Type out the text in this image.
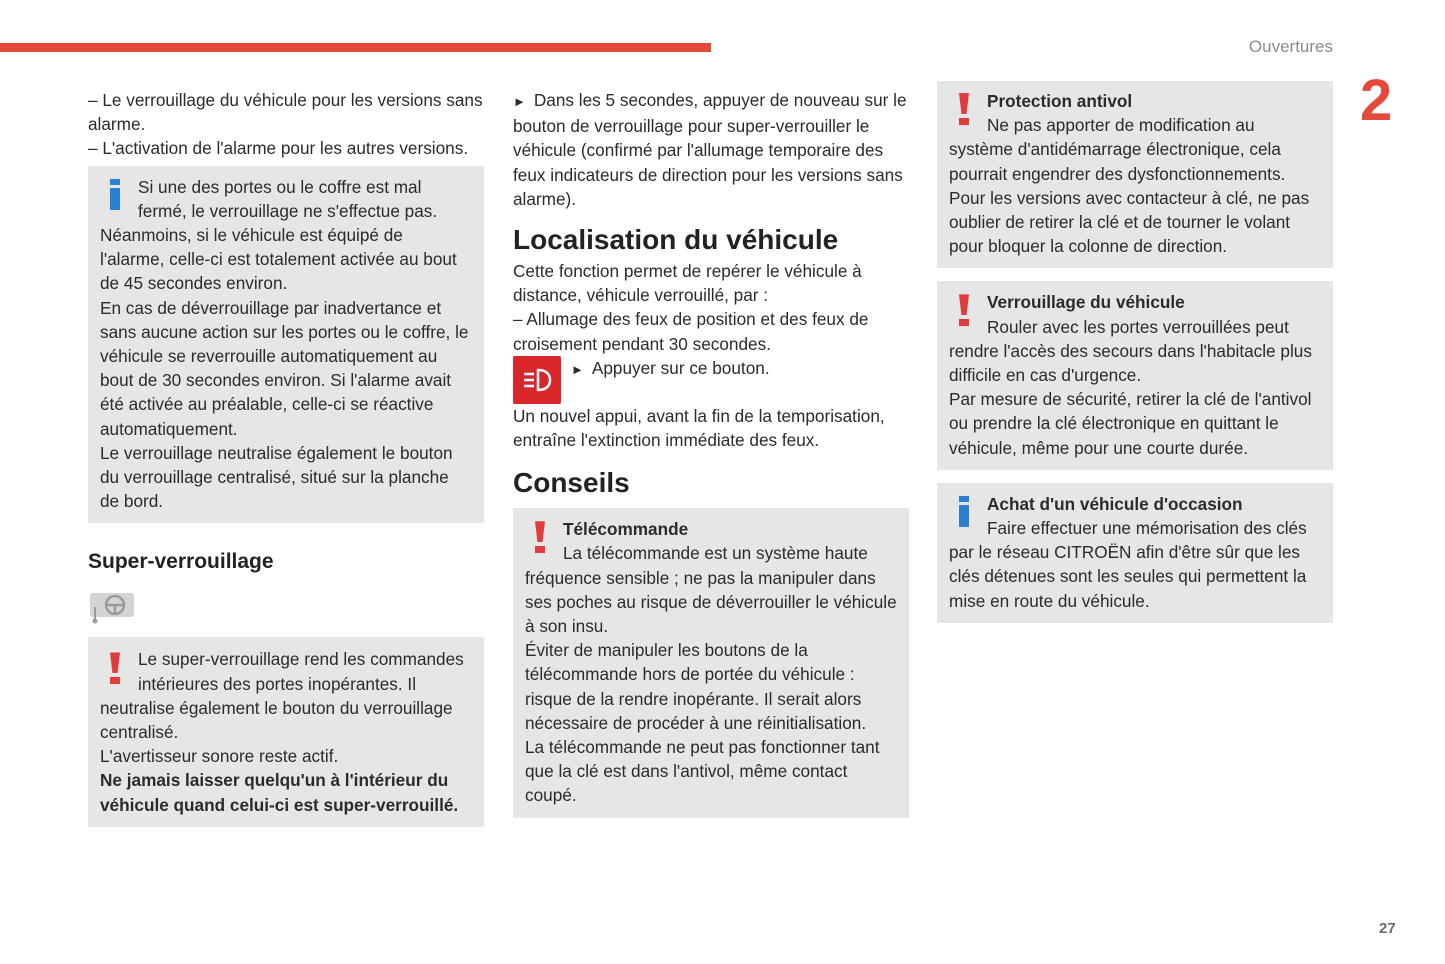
Ouvertures
2
27

– Le verrouillage du véhicule pour les versions sans alarme.

– L'activation de l'alarme pour les autres versions.

Si une des portes ou le coffre est mal fermé, le verrouillage ne s'effectue pas.

Néanmoins, si le véhicule est équipé de l'alarme, celle-ci est totalement activée au bout de 45 secondes environ.

En cas de déverrouillage par inadvertance et sans aucune action sur les portes ou le coffre, le véhicule se reverrouille automatiquement au bout de 30 secondes environ. Si l'alarme avait été activée au préalable, celle-ci se réactive automatiquement.

Le verrouillage neutralise également le bouton du verrouillage centralisé, situé sur la planche de bord.

Super-verrouillage

Le super-verrouillage rend les commandes intérieures des portes inopérantes. Il neutralise également le bouton du verrouillage centralisé.

L'avertisseur sonore reste actif.

Ne jamais laisser quelqu'un à l'intérieur du véhicule quand celui-ci est super-verrouillé.

► Dans les 5 secondes, appuyer de nouveau sur le bouton de verrouillage pour super-verrouiller le véhicule (confirmé par l'allumage temporaire des feux indicateurs de direction pour les versions sans alarme).

Localisation du véhicule

Cette fonction permet de repérer le véhicule à distance, véhicule verrouillé, par :

– Allumage des feux de position et des feux de croisement pendant 30 secondes.

► Appuyer sur ce bouton.

Un nouvel appui, avant la fin de la temporisation, entraîne l'extinction immédiate des feux.

Conseils

Télécommande

La télécommande est un système haute fréquence sensible ; ne pas la manipuler dans ses poches au risque de déverrouiller le véhicule à son insu.

Éviter de manipuler les boutons de la télécommande hors de portée du véhicule : risque de la rendre inopérante. Il serait alors nécessaire de procéder à une réinitialisation.

La télécommande ne peut pas fonctionner tant que la clé est dans l'antivol, même contact coupé.

Protection antivol

Ne pas apporter de modification au système d'antidémarrage électronique, cela pourrait engendrer des dysfonctionnements.

Pour les versions avec contacteur à clé, ne pas oublier de retirer la clé et de tourner le volant pour bloquer la colonne de direction.

Verrouillage du véhicule

Rouler avec les portes verrouillées peut rendre l'accès des secours dans l'habitacle plus difficile en cas d'urgence.

Par mesure de sécurité, retirer la clé de l'antivol ou prendre la clé électronique en quittant le véhicule, même pour une courte durée.

Achat d'un véhicule d'occasion

Faire effectuer une mémorisation des clés par le réseau CITROËN afin d'être sûr que les clés détenues sont les seules qui permettent la mise en route du véhicule.
